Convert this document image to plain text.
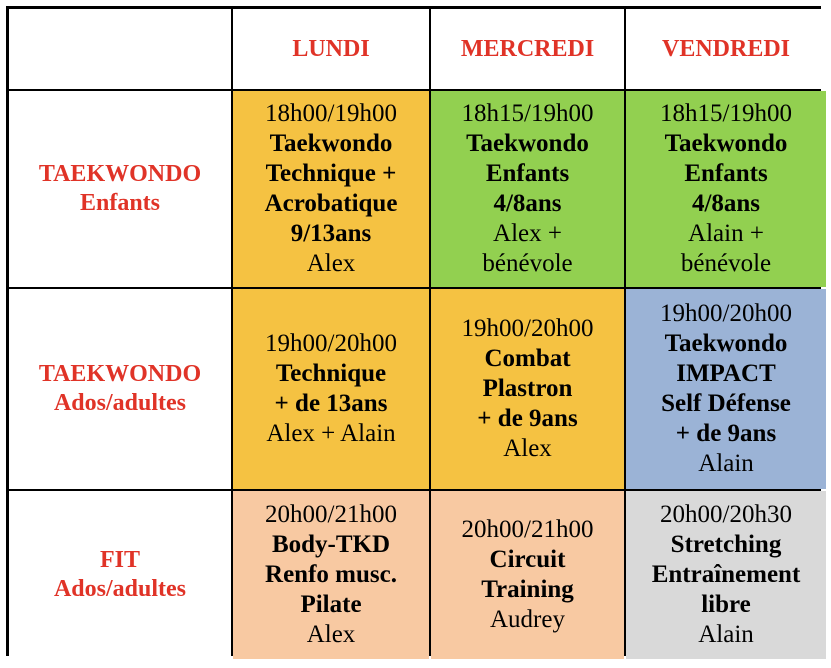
LUNDI	MERCREDI	VENDREDI
TAEKWONDO
Enfants
18h00/19h00
Taekwondo
Technique +
Acrobatique
9/13ans
Alex
18h15/19h00
Taekwondo
Enfants
4/8ans
Alex +
bénévole
18h15/19h00
Taekwondo
Enfants
4/8ans
Alain +
bénévole
TAEKWONDO
Ados/adultes
19h00/20h00
Technique
+ de 13ans
Alex + Alain
19h00/20h00
Combat
Plastron
+ de 9ans
Alex
19h00/20h00
Taekwondo
IMPACT
Self Défense
+ de 9ans
Alain
FIT
Ados/adultes
20h00/21h00
Body-TKD
Renfo musc.
Pilate
Alex
20h00/21h00
Circuit
Training
Audrey
20h00/20h30
Stretching
Entraînement
libre
Alain
